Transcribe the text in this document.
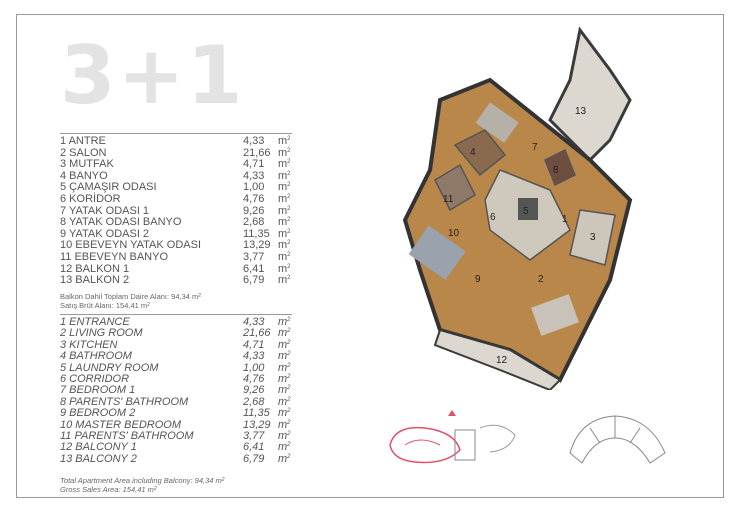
3+1
1 ANTRE	4,33 $m^2$
2 SALON	21,66 $m^2$
3 MUTFAK	4,71 $m^2$
4 BANYO	4,33 $m^2$
5 ÇAMAŞIR ODASI	1,00 $m^2$
6 KORİDOR	4,76 $m^2$
7 YATAK ODASI 1	9,26 $m^2$
8 YATAK ODASI BANYO	2,68 $m^2$
9 YATAK ODASI 2	11,35 $m^2$
10 EBEVEYN YATAK ODASI	13,29 $m^2$
11 EBEVEYN BANYO	3,77 $m^2$
12 BALKON 1	6,41 $m^2$
13 BALKON 2	6,79 $m^2$
Balkon Dahil Toplam Daire Alanı: 94,34 $m^2$
Satış Brüt Alanı: 154,41 $m^2$
1 ENTRANCE	4,33 $m^2$
2 LIVING ROOM	21,66 $m^2$
3 KITCHEN	4,71 $m^2$
4 BATHROOM	4,33 $m^2$
5 LAUNDRY ROOM	1,00 $m^2$
6 CORRIDOR	4,76 $m^2$
7 BEDROOM 1	9,26 $m^2$
8 PARENTS' BATHROOM	2,68 $m^2$
9 BEDROOM 2	11,35 $m^2$
10 MASTER BEDROOM	13,29 $m^2$
11 PARENTS' BATHROOM	3,77 $m^2$
12 BALCONY 1	6,41 $m^2$
13 BALCONY 2	6,79 $m^2$
Total Apartment Area including Balcony: 94,34 $m^2$
Gross Sales Area: 154,41 $m^2$
1
2
3
4
5
6
7
8
9
10
11
12
13
